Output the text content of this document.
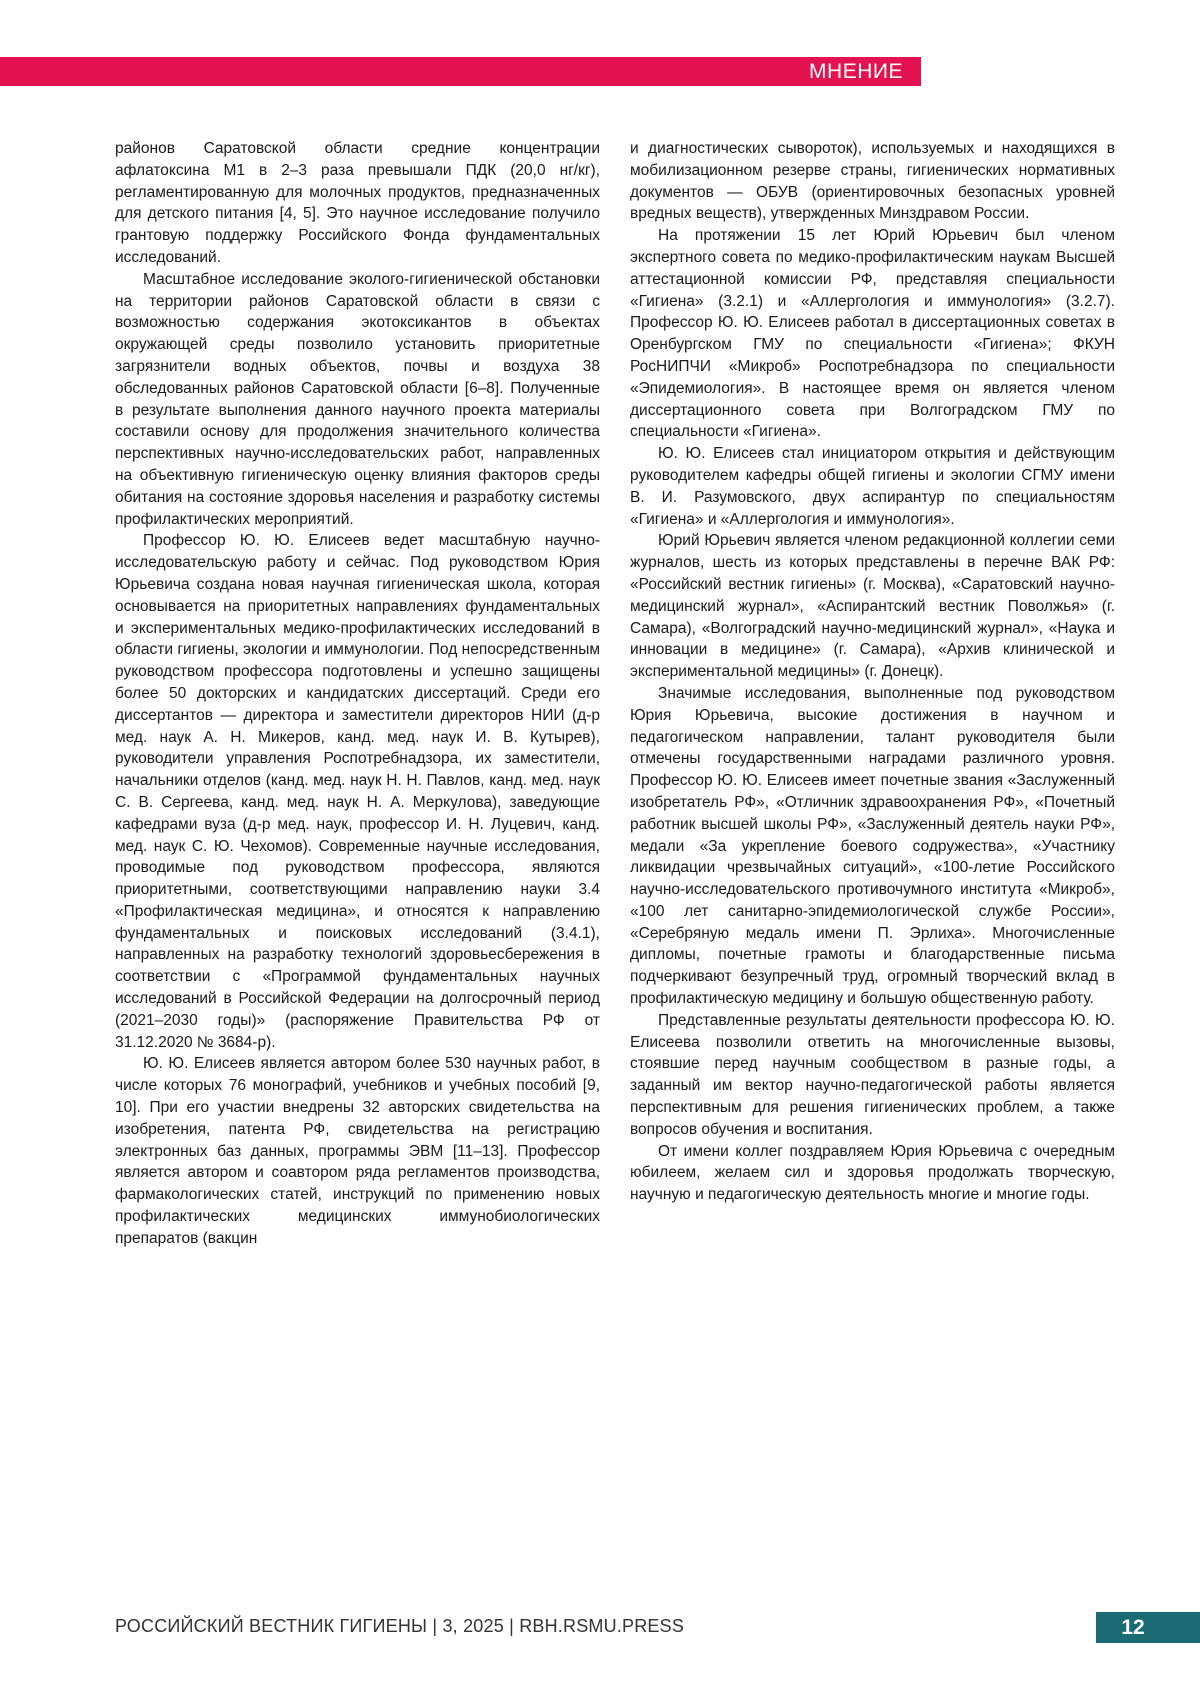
МНЕНИЕ

районов Саратовской области средние концентрации афлатоксина М1 в 2–3 раза превышали ПДК (20,0 нг/кг), регламентированную для молочных продуктов, предназначенных для детского питания [4, 5]. Это научное исследование получило грантовую поддержку Российского Фонда фундаментальных исследований.

Масштабное исследование эколого-гигиенической обстановки на территории районов Саратовской области в связи с возможностью содержания экотоксикантов в объектах окружающей среды позволило установить приоритетные загрязнители водных объектов, почвы и воздуха 38 обследованных районов Саратовской области [6–8]. Полученные в результате выполнения данного научного проекта материалы составили основу для продолжения значительного количества перспективных научно-исследовательских работ, направленных на объективную гигиеническую оценку влияния факторов среды обитания на состояние здоровья населения и разработку системы профилактических мероприятий.

Профессор Ю. Ю. Елисеев ведет масштабную научно-исследовательскую работу и сейчас. Под руководством Юрия Юрьевича создана новая научная гигиеническая школа, которая основывается на приоритетных направлениях фундаментальных и экспериментальных медико-профилактических исследований в области гигиены, экологии и иммунологии. Под непосредственным руководством профессора подготовлены и успешно защищены более 50 докторских и кандидатских диссертаций. Среди его диссертантов — директора и заместители директоров НИИ (д-р мед. наук А. Н. Микеров, канд. мед. наук И. В. Кутырев), руководители управления Роспотребнадзора, их заместители, начальники отделов (канд. мед. наук Н. Н. Павлов, канд. мед. наук С. В. Сергеева, канд. мед. наук Н. А. Меркулова), заведующие кафедрами вуза (д-р мед. наук, профессор И. Н. Луцевич, канд. мед. наук С. Ю. Чехомов). Современные научные исследования, проводимые под руководством профессора, являются приоритетными, соответствующими направлению науки 3.4 «Профилактическая медицина», и относятся к направлению фундаментальных и поисковых исследований (3.4.1), направленных на разработку технологий здоровьесбережения в соответствии с «Программой фундаментальных научных исследований в Российской Федерации на долгосрочный период (2021–2030 годы)» (распоряжение Правительства РФ от 31.12.2020 № 3684-р).

Ю. Ю. Елисеев является автором более 530 научных работ, в числе которых 76 монографий, учебников и учебных пособий [9, 10]. При его участии внедрены 32 авторских свидетельства на изобретения, патента РФ, свидетельства на регистрацию электронных баз данных, программы ЭВМ [11–13]. Профессор является автором и соавтором ряда регламентов производства, фармакологических статей, инструкций по применению новых профилактических медицинских иммунобиологических препаратов (вакцин

и диагностических сывороток), используемых и находящихся в мобилизационном резерве страны, гигиенических нормативных документов — ОБУВ (ориентировочных безопасных уровней вредных веществ), утвержденных Минздравом России.

На протяжении 15 лет Юрий Юрьевич был членом экспертного совета по медико-профилактическим наукам Высшей аттестационной комиссии РФ, представляя специальности «Гигиена» (3.2.1) и «Аллергология и иммунология» (3.2.7). Профессор Ю. Ю. Елисеев работал в диссертационных советах в Оренбургском ГМУ по специальности «Гигиена»; ФКУН РосНИПЧИ «Микроб» Роспотребнадзора по специальности «Эпидемиология». В настоящее время он является членом диссертационного совета при Волгоградском ГМУ по специальности «Гигиена».

Ю. Ю. Елисеев стал инициатором открытия и действующим руководителем кафедры общей гигиены и экологии СГМУ имени В. И. Разумовского, двух аспирантур по специальностям «Гигиена» и «Аллергология и иммунология».

Юрий Юрьевич является членом редакционной коллегии семи журналов, шесть из которых представлены в перечне ВАК РФ: «Российский вестник гигиены» (г. Москва), «Саратовский научно-медицинский журнал», «Аспирантский вестник Поволжья» (г. Самара), «Волгоградский научно-медицинский журнал», «Наука и инновации в медицине» (г. Самара), «Архив клинической и экспериментальной медицины» (г. Донецк).

Значимые исследования, выполненные под руководством Юрия Юрьевича, высокие достижения в научном и педагогическом направлении, талант руководителя были отмечены государственными наградами различного уровня. Профессор Ю. Ю. Елисеев имеет почетные звания «Заслуженный изобретатель РФ», «Отличник здравоохранения РФ», «Почетный работник высшей школы РФ», «Заслуженный деятель науки РФ», медали «За укрепление боевого содружества», «Участнику ликвидации чрезвычайных ситуаций», «100-летие Российского научно-исследовательского противочумного института «Микроб», «100 лет санитарно-эпидемиологической службе России», «Серебряную медаль имени П. Эрлиха». Многочисленные дипломы, почетные грамоты и благодарственные письма подчеркивают безупречный труд, огромный творческий вклад в профилактическую медицину и большую общественную работу.

Представленные результаты деятельности профессора Ю. Ю. Елисеева позволили ответить на многочисленные вызовы, стоявшие перед научным сообществом в разные годы, а заданный им вектор научно-педагогической работы является перспективным для решения гигиенических проблем, а также вопросов обучения и воспитания.

От имени коллег поздравляем Юрия Юрьевича с очередным юбилеем, желаем сил и здоровья продолжать творческую, научную и педагогическую деятельность многие и многие годы.

РОССИЙСКИЙ ВЕСТНИК ГИГИЕНЫ | 3, 2025 | RBH.RSMU.PRESS	12
